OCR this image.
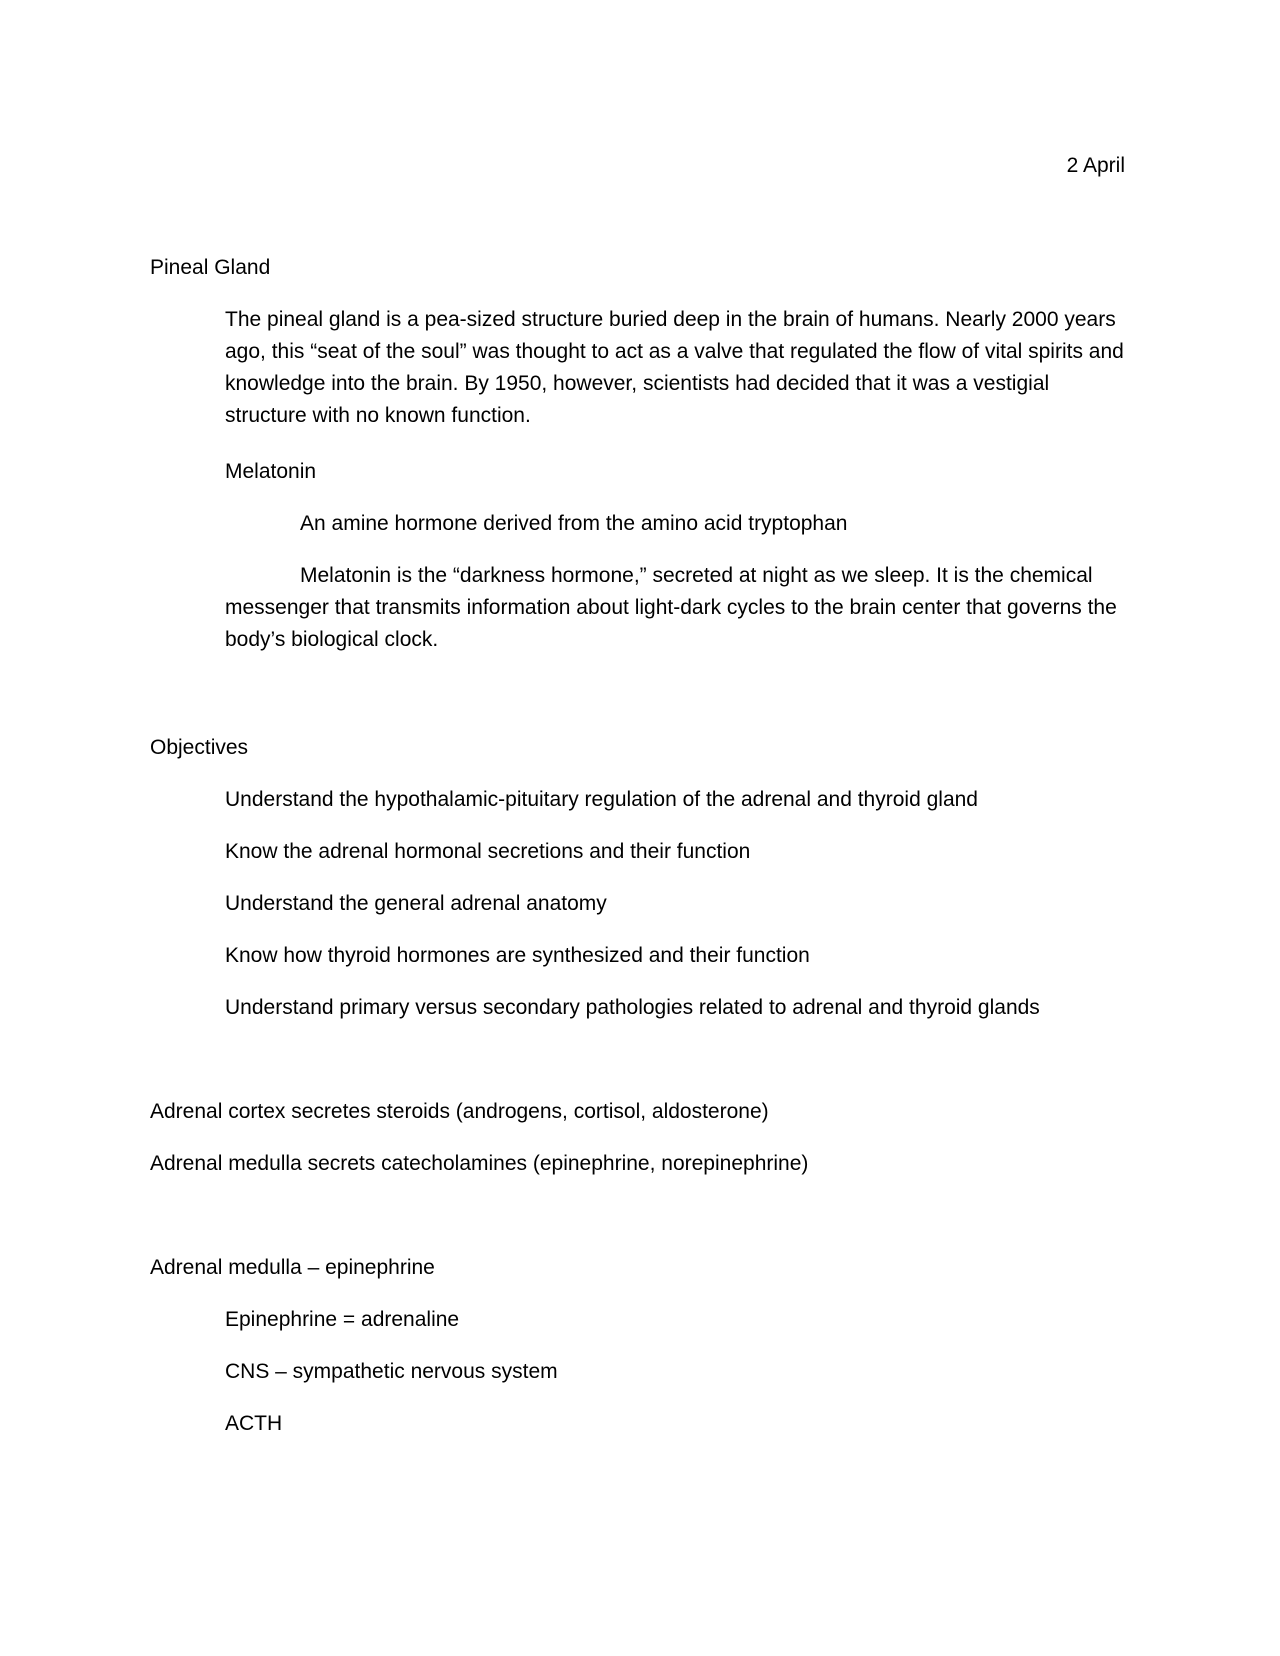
2 April
Pineal Gland
The pineal gland is a pea-sized structure buried deep in the brain of humans. Nearly 2000 years ago, this “seat of the soul” was thought to act as a valve that regulated the flow of vital spirits and knowledge into the brain. By 1950, however, scientists had decided that it was a vestigial structure with no known function.
Melatonin
An amine hormone derived from the amino acid tryptophan
Melatonin is the “darkness hormone,” secreted at night as we sleep. It is the chemical messenger that transmits information about light-dark cycles to the brain center that governs the body’s biological clock.
Objectives
Understand the hypothalamic-pituitary regulation of the adrenal and thyroid gland
Know the adrenal hormonal secretions and their function
Understand the general adrenal anatomy
Know how thyroid hormones are synthesized and their function
Understand primary versus secondary pathologies related to adrenal and thyroid glands
Adrenal cortex secretes steroids (androgens, cortisol, aldosterone)
Adrenal medulla secrets catecholamines (epinephrine, norepinephrine)
Adrenal medulla – epinephrine
Epinephrine = adrenaline
CNS – sympathetic nervous system
ACTH
